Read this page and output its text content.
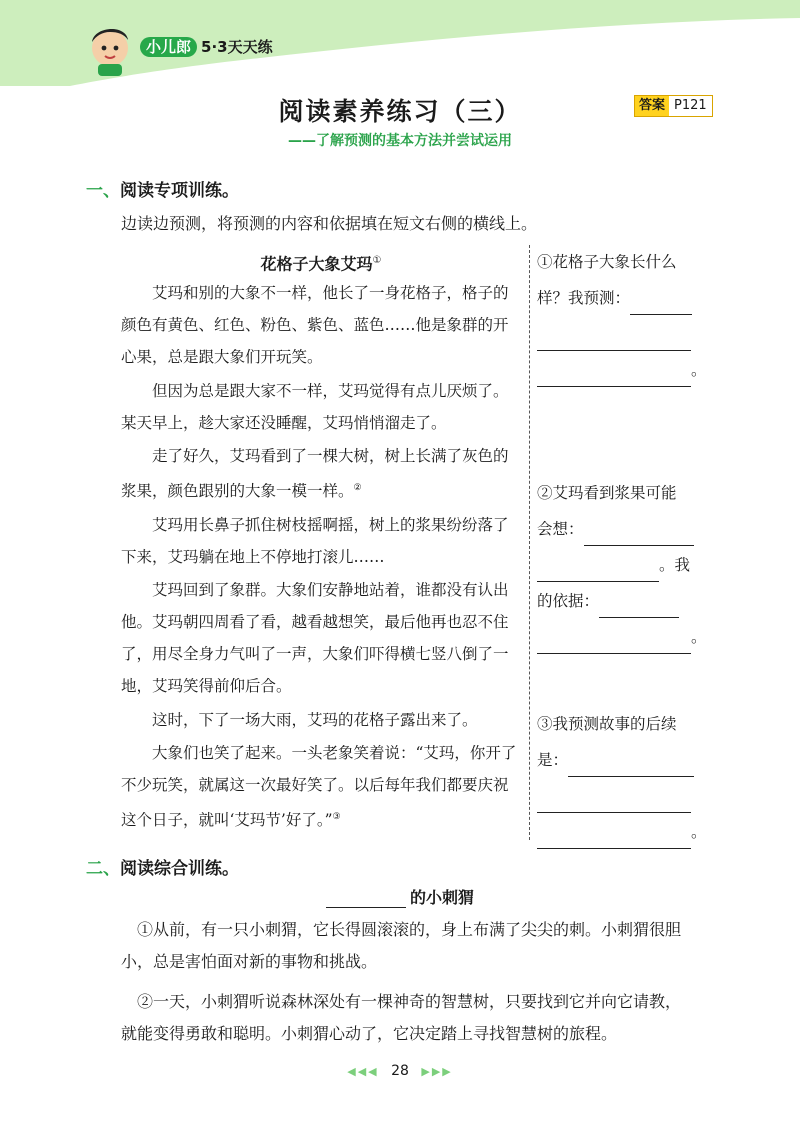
小儿郎 5·3天天练
阅读素养练习（三）	答案 P121
——了解预测的基本方法并尝试运用
一、阅读专项训练。
边读边预测，将预测的内容和依据填在短文右侧的横线上。
花格子大象艾玛①

艾玛和别的大象不一样，他长了一身花格子，格子的颜色有黄色、红色、粉色、紫色、蓝色……他是象群的开心果，总是跟大象们开玩笑。

但因为总是跟大家不一样，艾玛觉得有点儿厌烦了。某天早上，趁大家还没睡醒，艾玛悄悄溜走了。

走了好久，艾玛看到了一棵大树，树上长满了灰色的浆果，颜色跟别的大象一模一样。②

艾玛用长鼻子抓住树枝摇啊摇，树上的浆果纷纷落了下来，艾玛躺在地上不停地打滚儿……

艾玛回到了象群。大象们安静地站着，谁都没有认出他。艾玛朝四周看了看，越看越想笑，最后他再也忍不住了，用尽全身力气叫了一声，大象们吓得横七竖八倒了一地，艾玛笑得前仰后合。

这时，下了一场大雨，艾玛的花格子露出来了。

大象们也笑了起来。一头老象笑着说：“艾玛，你开了不少玩笑，就属这一次最好笑了。以后每年我们都要庆祝这个日子，就叫‘艾玛节’好了。”③

①花格子大象长什么
样？我预测：
。
②艾玛看到浆果可能
会想：
。我
的依据：
。
③我预测故事的后续
是：
。
二、阅读综合训练。
的小刺猬

①从前，有一只小刺猬，它长得圆滚滚的，身上布满了尖尖的刺。小刺猬很胆小，总是害怕面对新的事物和挑战。

②一天，小刺猬听说森林深处有一棵神奇的智慧树，只要找到它并向它请教，就能变得勇敢和聪明。小刺猬心动了，它决定踏上寻找智慧树的旅程。

◀◀◀ 28 ▶▶▶
